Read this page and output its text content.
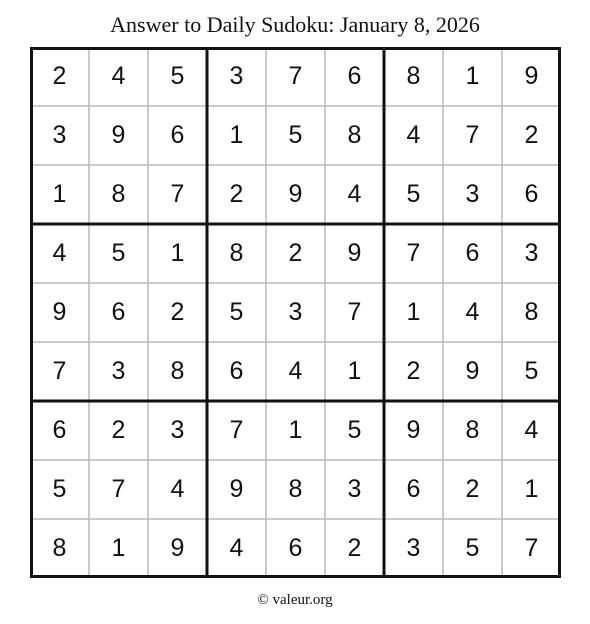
Answer to Daily Sudoku: January 8, 2026
2	4	5	3	7	6	8	1	9
3	9	6	1	5	8	4	7	2
1	8	7	2	9	4	5	3	6
4	5	1	8	2	9	7	6	3
9	6	2	5	3	7	1	4	8
7	3	8	6	4	1	2	9	5
6	2	3	7	1	5	9	8	4
5	7	4	9	8	3	6	2	1
8	1	9	4	6	2	3	5	7
© valeur.org
